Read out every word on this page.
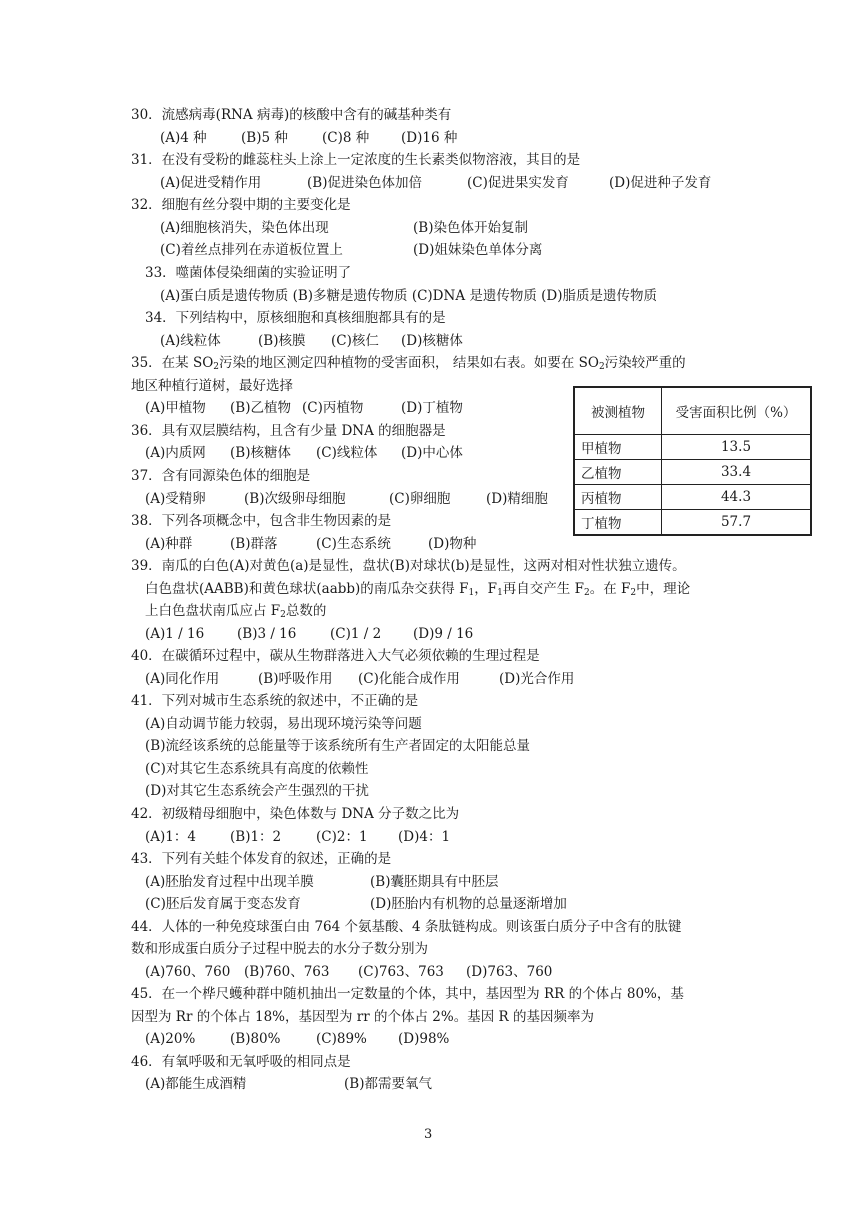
30．流感病毒(RNA 病毒)的核酸中含有的碱基种类有
(A)4 种	(B)5 种	(C)8 种 (D)16 种
31．在没有受粉的雌蕊柱头上涂上一定浓度的生长素类似物溶液，其目的是
(A)促进受精作用	(B)促进染色体加倍	(C)促进果实发育	(D)促进种子发育
32．细胞有丝分裂中期的主要变化是
(A)细胞核消失，染色体出现	(B)染色体开始复制
(C)着丝点排列在赤道板位置上	(D)姐妹染色单体分离
33．噬菌体侵染细菌的实验证明了
(A)蛋白质是遗传物质 (B)多糖是遗传物质 (C)DNA 是遗传物质 (D)脂质是遗传物质
34．下列结构中，原核细胞和真核细胞都具有的是
(A)线粒体	(B)核膜 (C)核仁 (D)核糖体
35．在某 $SO_2$污染的地区测定四种植物的受害面积， 结果如右表。如要在 $SO_2$污染较严重的
地区种植行道树，最好选择
(A)甲植物 (B)乙植物 (C)丙植物	(D)丁植物	被测植物	受害面积比例（%）
甲植物	13.5
乙植物	33.4
丙植物	44.3
丁植物	57.7
36．具有双层膜结构，且含有少量 DNA 的细胞器是
(A)内质网 (B)核糖体 (C)线粒体 (D)中心体
37．含有同源染色体的细胞是
(A)受精卵	(B)次级卵母细胞	(C)卵细胞	(D)精细胞
38．下列各项概念中，包含非生物因素的是
(A)种群	(B)群落	(C)生态系统	(D)物种
39．南瓜的白色(A)对黄色(a)是显性，盘状(B)对球状(b)是显性，这两对相对性状独立遗传。
白色盘状(AABB)和黄色球状(aabb)的南瓜杂交获得 $F_1$，$F_1$再自交产生 $F_2$。在 $F_2$中，理论
上白色盘状南瓜应占 $F_2$总数的
(A)1 / 16 (B)3 / 16 (C)1 / 2 (D)9 / 16
40．在碳循环过程中，碳从生物群落进入大气必须依赖的生理过程是
(A)同化作用	(B)呼吸作用 (C)化能合成作用	(D)光合作用
41．下列对城市生态系统的叙述中，不正确的是
(A)自动调节能力较弱，易出现环境污染等问题
(B)流经该系统的总能量等于该系统所有生产者固定的太阳能总量
(C)对其它生态系统具有高度的依赖性
(D)对其它生态系统会产生强烈的干扰
42．初级精母细胞中，染色体数与 DNA 分子数之比为
(A)1：4	(B)1：2	(C)2：1 (D)4：1
43．下列有关蛙个体发育的叙述，正确的是
(A)胚胎发育过程中出现羊膜	(B)囊胚期具有中胚层
(C)胚后发育属于变态发育	(D)胚胎内有机物的总量逐渐增加
44．人体的一种免疫球蛋白由 764 个氨基酸、4 条肽链构成。则该蛋白质分子中含有的肽键
数和形成蛋白质分子过程中脱去的水分子数分别为
(A)760、760 (B)760、763 (C)763、763 (D)763、760
45．在一个桦尺蠖种群中随机抽出一定数量的个体，其中，基因型为 RR 的个体占 80%，基
因型为 Rr 的个体占 18%，基因型为 rr 的个体占 2%。基因 R 的基因频率为
(A)20%	(B)80%	(C)89% (D)98%
46．有氧呼吸和无氧呼吸的相同点是
(A)都能生成酒精	(B)都需要氧气
3
